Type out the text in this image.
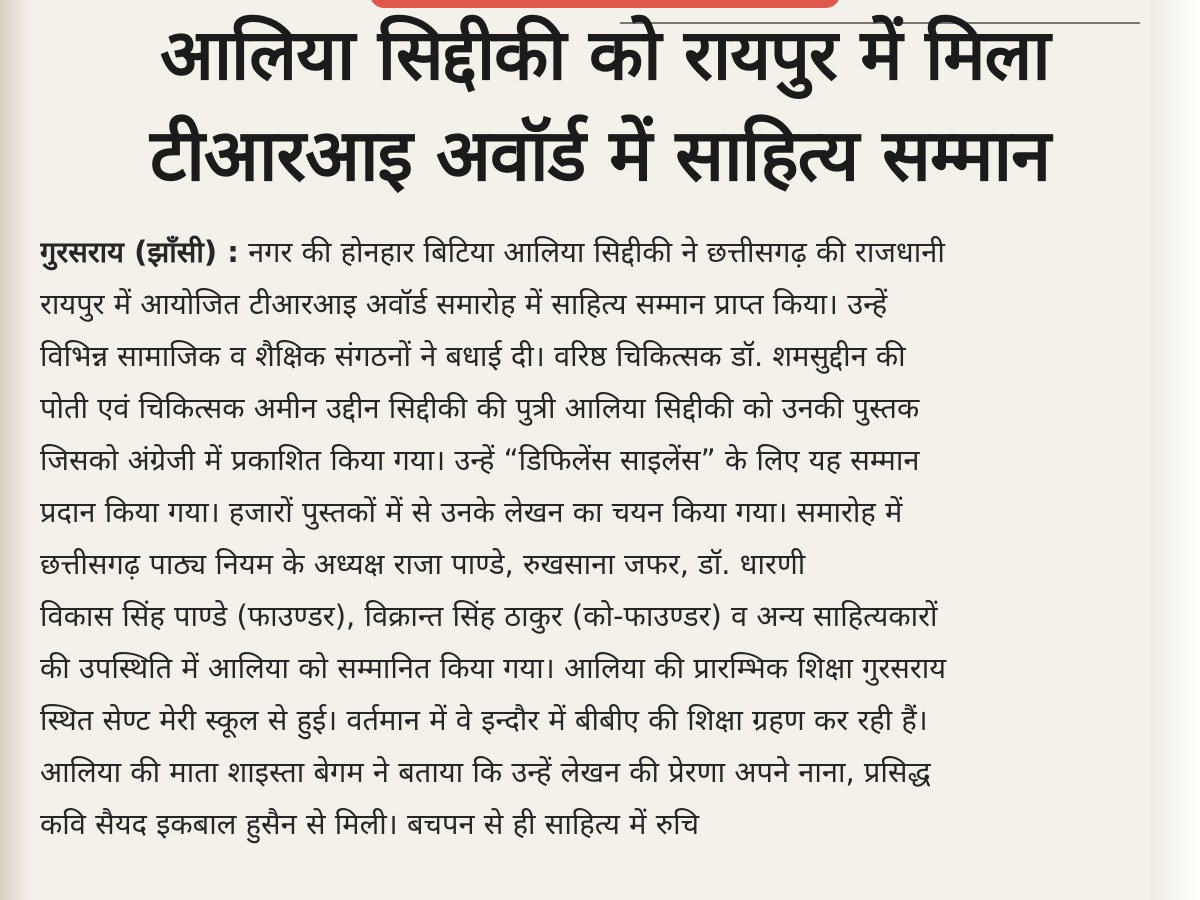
आलिया सिद्दीकी को रायपुर में मिला
टीआरआइ अवॉर्ड में साहित्य सम्मान
गुरसराय (झाँसी) : नगर की होनहार बिटिया आलिया सिद्दीकी ने छत्तीसगढ़ की राजधानी
रायपुर में आयोजित टीआरआइ अवॉर्ड समारोह में साहित्य सम्मान प्राप्त किया। उन्हें
विभिन्न सामाजिक व शैक्षिक संगठनों ने बधाई दी। वरिष्ठ चिकित्सक डॉ. शमसुद्दीन की
पोती एवं चिकित्सक अमीन उद्दीन सिद्दीकी की पुत्री आलिया सिद्दीकी को उनकी पुस्तक
जिसको अंग्रेजी में प्रकाशित किया गया। उन्हें “डिफिलेंस साइलेंस” के लिए यह सम्मान
प्रदान किया गया। हजारों पुस्तकों में से उनके लेखन का चयन किया गया। समारोह में
छत्तीसगढ़ पाठ्य नियम के अध्यक्ष राजा पाण्डे, रुखसाना जफर, डॉ. धारणी
विकास सिंह पाण्डे (फाउण्डर), विक्रान्त सिंह ठाकुर (को-फाउण्डर) व अन्य साहित्यकारों
की उपस्थिति में आलिया को सम्मानित किया गया। आलिया की प्रारम्भिक शिक्षा गुरसराय
स्थित सेण्ट मेरी स्कूल से हुई। वर्तमान में वे इन्दौर में बीबीए की शिक्षा ग्रहण कर रही हैं।
आलिया की माता शाइस्ता बेगम ने बताया कि उन्हें लेखन की प्रेरणा अपने नाना, प्रसिद्ध
कवि सैयद इकबाल हुसैन से मिली। बचपन से ही साहित्य में रुचि
